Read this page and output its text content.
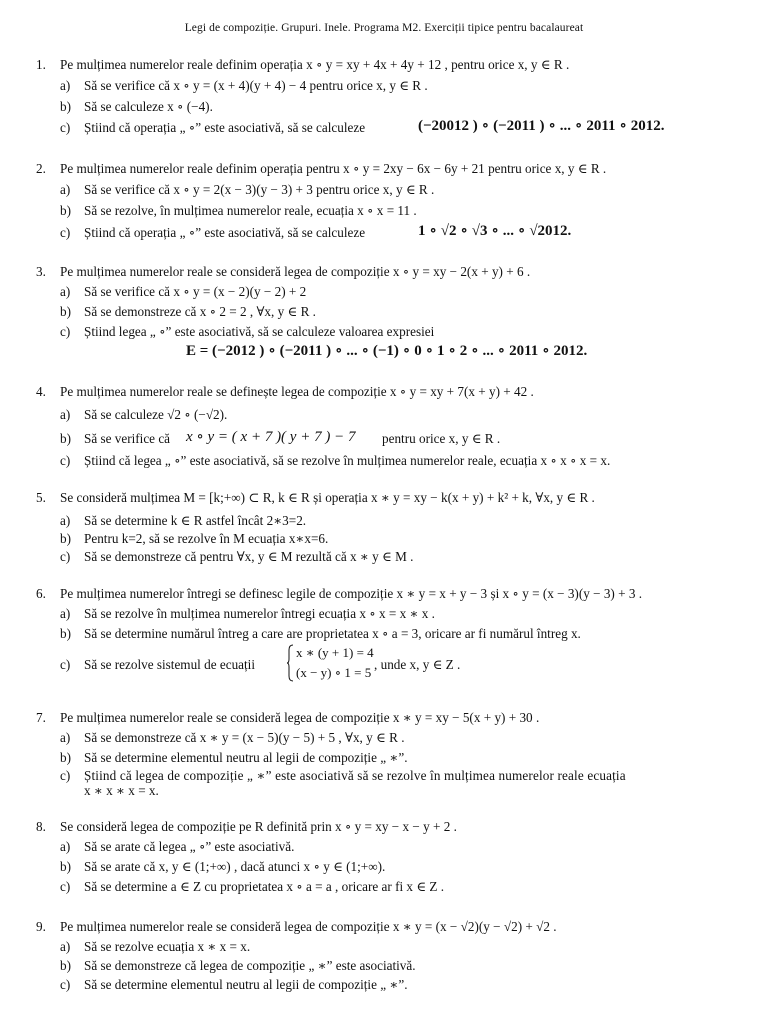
Legi de compoziție. Grupuri. Inele. Programa M2. Exerciții tipice pentru bacalaureat
1. Pe mulțimea numerelor reale definim operația x ∘ y = xy + 4x + 4y + 12 , pentru orice x, y ∈ R .
a) Să se verifice că x ∘ y = (x + 4)(y + 4) − 4 pentru orice x, y ∈ R .
b) Să se calculeze x ∘ (−4).
c) Știind că operația „ ∘” este asociativă, să se calculeze	(−20012 ) ∘ (−2011 ) ∘ ... ∘ 2011 ∘ 2012.
2. Pe mulțimea numerelor reale definim operația pentru x ∘ y = 2xy − 6x − 6y + 21 pentru orice x, y ∈ R .
a) Să se verifice că x ∘ y = 2(x − 3)(y − 3) + 3 pentru orice x, y ∈ R .
b) Să se rezolve, în mulțimea numerelor reale, ecuația x ∘ x = 11 .
c) Știind că operația „ ∘” este asociativă, să se calculeze	1 ∘ √2 ∘ √3 ∘ ... ∘ √2012.
3. Pe mulțimea numerelor reale se consideră legea de compoziție x ∘ y = xy − 2(x + y) + 6 .
a) Să se verifice că x ∘ y = (x − 2)(y − 2) + 2
b) Să se demonstreze că x ∘ 2 = 2 , ∀x, y ∈ R .
c) Știind legea „ ∘” este asociativă, să se calculeze valoarea expresiei
E = (−2012 ) ∘ (−2011 ) ∘ ... ∘ (−1) ∘ 0 ∘ 1 ∘ 2 ∘ ... ∘ 2011 ∘ 2012.
4. Pe mulțimea numerelor reale se definește legea de compoziție x ∘ y = xy + 7(x + y) + 42 .
a) Să se calculeze √2 ∘ (−√2).
b) Să se verifice că x ∘ y = ( x + 7 )( y + 7 ) − 7 pentru orice x, y ∈ R .
c) Știind că legea „ ∘” este asociativă, să se rezolve în mulțimea numerelor reale, ecuația x ∘ x ∘ x = x.
5. Se consideră mulțimea M = [k;+∞) ⊂ R, k ∈ R și operația x ∗ y = xy − k(x + y) + k² + k, ∀x, y ∈ R .
a) Să se determine k ∈ R astfel încât 2∗3=2.
b) Pentru k=2, să se rezolve în M ecuația x∗x=6.
c) Să se demonstreze că pentru ∀x, y ∈ M rezultă că x ∗ y ∈ M .
6. Pe mulțimea numerelor întregi se definesc legile de compoziție x ∗ y = x + y − 3 și x ∘ y = (x − 3)(y − 3) + 3 .
a) Să se rezolve în mulțimea numerelor întregi ecuația x ∘ x = x ∗ x .
b) Să se determine numărul întreg a care are proprietatea x ∘ a = 3, oricare ar fi numărul întreg x.
c) Să se rezolve sistemul de ecuații
x ∗ (y + 1) = 4
(x − y) ∘ 1 = 5
, unde x, y ∈ Z .
7. Pe mulțimea numerelor reale se consideră legea de compoziție x ∗ y = xy − 5(x + y) + 30 .
a) Să se demonstreze că x ∗ y = (x − 5)(y − 5) + 5 , ∀x, y ∈ R .
b) Să se determine elementul neutru al legii de compoziție „ ∗”.
c) Știind că legea de compoziție „ ∗” este asociativă să se rezolve în mulțimea numerelor reale ecuația
x ∗ x ∗ x = x.
8. Se consideră legea de compoziție pe R definită prin x ∘ y = xy − x − y + 2 .
a) Să se arate că legea „ ∘” este asociativă.
b) Să se arate că x, y ∈ (1;+∞) , dacă atunci x ∘ y ∈ (1;+∞).
c) Să se determine a ∈ Z cu proprietatea x ∘ a = a , oricare ar fi x ∈ Z .
9. Pe mulțimea numerelor reale se consideră legea de compoziție x ∗ y = (x − √2)(y − √2) + √2 .
a) Să se rezolve ecuația x ∗ x = x.
b) Să se demonstreze că legea de compoziție „ ∗” este asociativă.
c) Să se determine elementul neutru al legii de compoziție „ ∗”.
